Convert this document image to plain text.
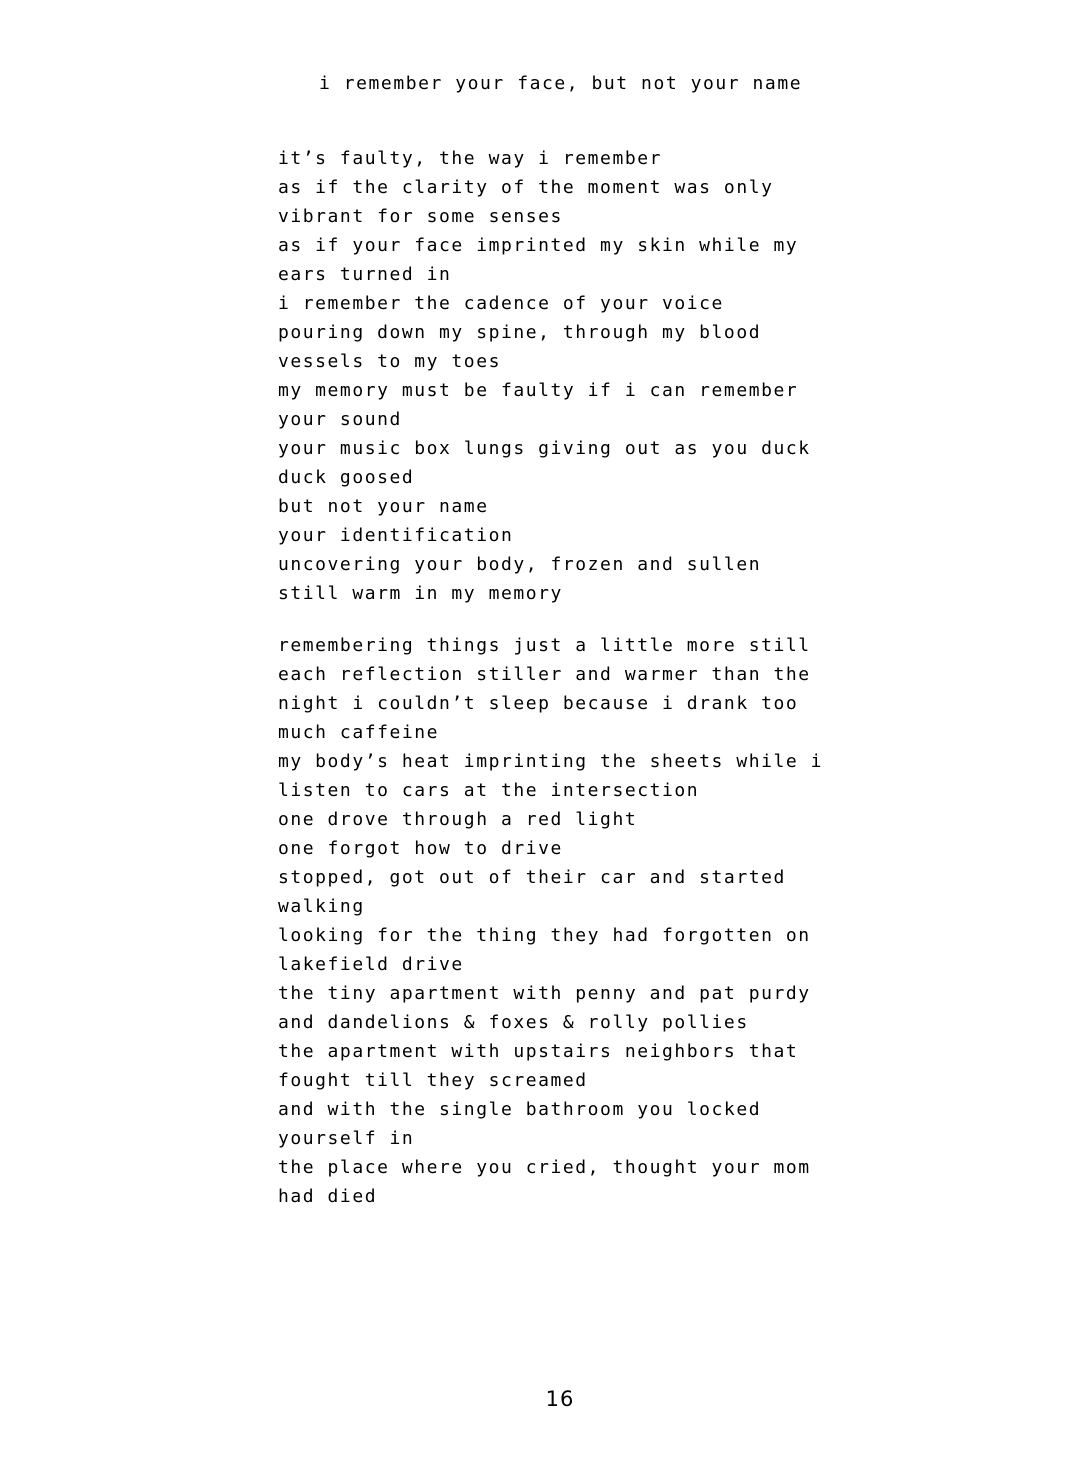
i remember your face, but not your name
it’s faulty, the way i remember
as if the clarity of the moment was only
vibrant for some senses
as if your face imprinted my skin while my
ears turned in
i remember the cadence of your voice
pouring down my spine, through my blood
vessels to my toes
my memory must be faulty if i can remember
your sound
your music box lungs giving out as you duck
duck goosed
but not your name
your identification
uncovering your body, frozen and sullen
still warm in my memory
remembering things just a little more still
each reflection stiller and warmer than the
night i couldn’t sleep because i drank too
much caffeine
my body’s heat imprinting the sheets while i
listen to cars at the intersection
one drove through a red light
one forgot how to drive
stopped, got out of their car and started
walking
looking for the thing they had forgotten on
lakefield drive
the tiny apartment with penny and pat purdy
and dandelions & foxes & rolly pollies
the apartment with upstairs neighbors that
fought till they screamed
and with the single bathroom you locked
yourself in
the place where you cried, thought your mom
had died
16
